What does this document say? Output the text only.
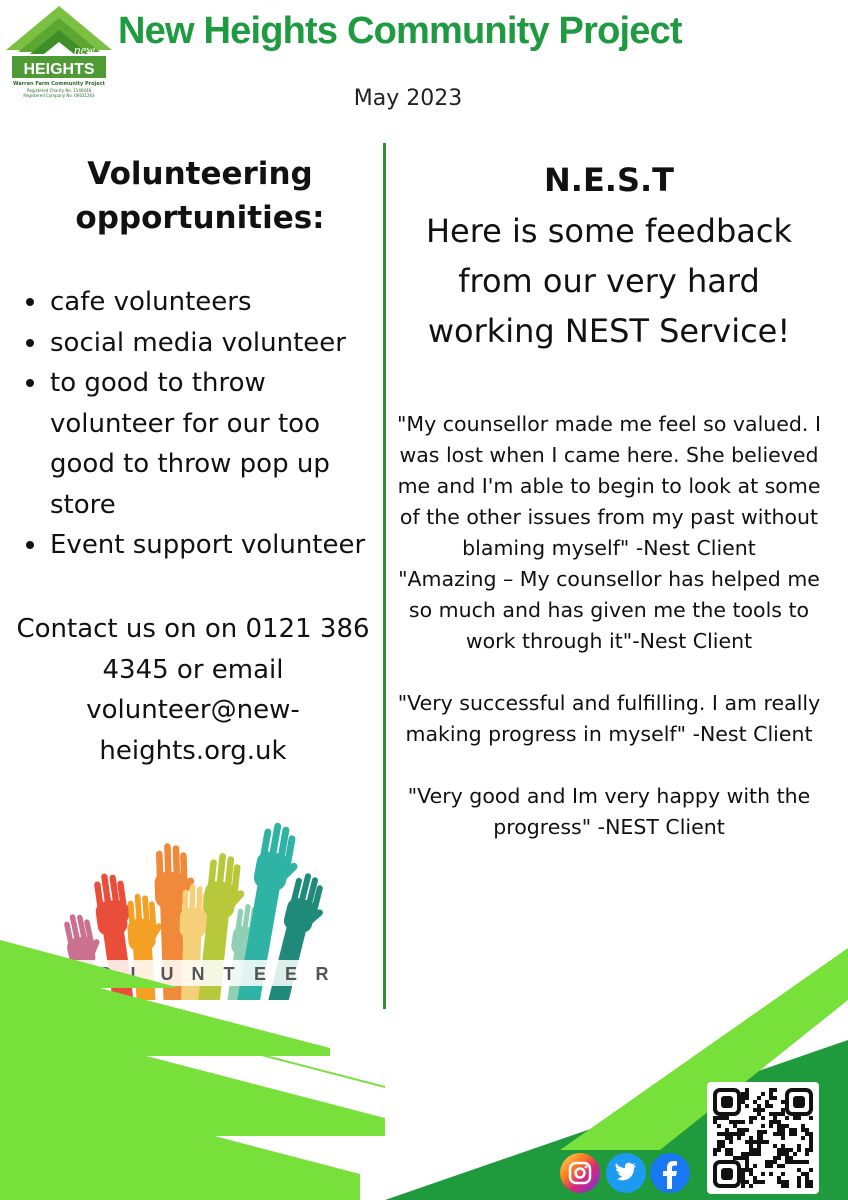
new
HEIGHTS
Warren Farm Community Project
Registered Charity No. 1146448
Registered Company No. 06631263
New Heights Community Project
May 2023
Volunteering opportunities:
cafe volunteers
social media volunteer
to good to throw volunteer for our too good to throw pop up store
Event support volunteer
Contact us on on 0121 386 4345 or email volunteer@new-heights.org.uk
L U N T E E R
N.E.S.T
Here is some feedback from our very hard working NEST Service!

"My counsellor made me feel so valued. I was lost when I came here. She believed me and I'm able to begin to look at some of the other issues from my past without blaming myself" -Nest Client

"Amazing – My counsellor has helped me so much and has given me the tools to work through it"-Nest Client

"Very successful and fulfilling. I am really making progress in myself" -Nest Client

"Very good and Im very happy with the progress" -NEST Client
